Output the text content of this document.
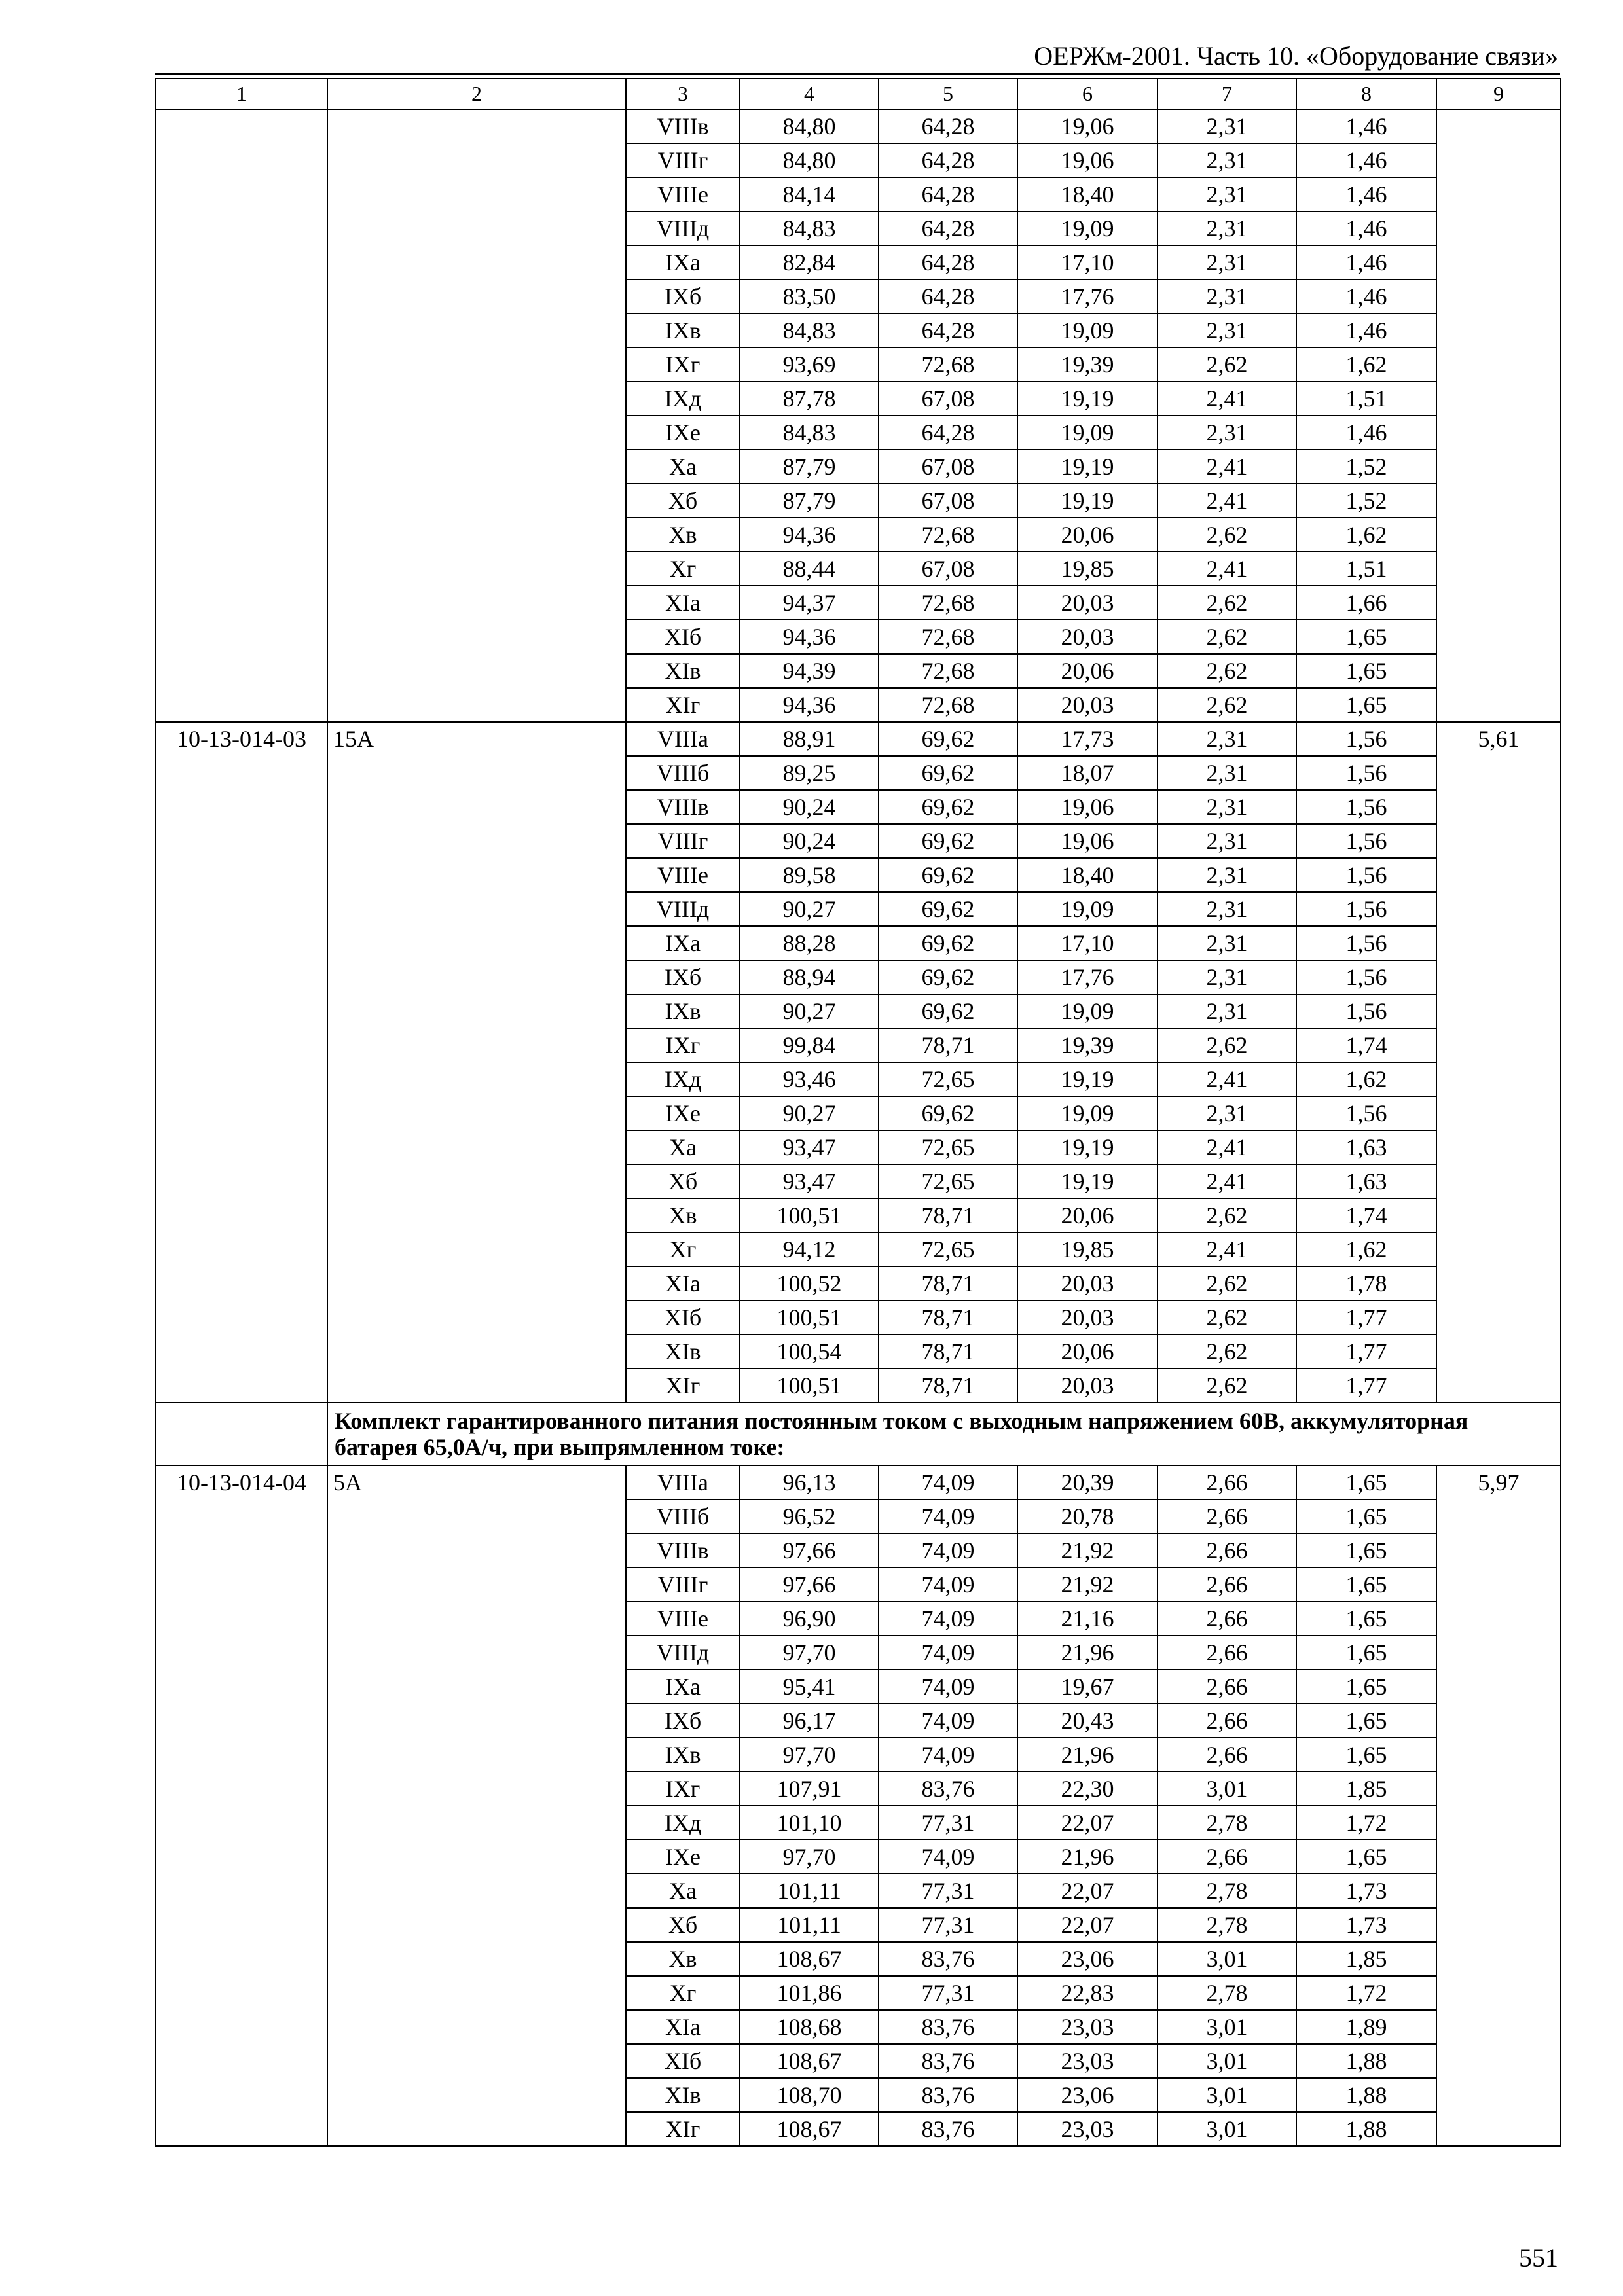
ОЕРЖм-2001. Часть 10. «Оборудование связи»
1	2	3	4	5	6	7	8	9
		VIIIв	84,80	64,28	19,06	2,31	1,46	
		VIIIг	84,80	64,28	19,06	2,31	1,46	
		VIIIе	84,14	64,28	18,40	2,31	1,46	
		VIIIд	84,83	64,28	19,09	2,31	1,46	
		IXа	82,84	64,28	17,10	2,31	1,46	
		IXб	83,50	64,28	17,76	2,31	1,46	
		IXв	84,83	64,28	19,09	2,31	1,46	
		IXг	93,69	72,68	19,39	2,62	1,62	
		IXд	87,78	67,08	19,19	2,41	1,51	
		IXе	84,83	64,28	19,09	2,31	1,46	
		Xа	87,79	67,08	19,19	2,41	1,52	
		Xб	87,79	67,08	19,19	2,41	1,52	
		Xв	94,36	72,68	20,06	2,62	1,62	
		Xг	88,44	67,08	19,85	2,41	1,51	
		XIа	94,37	72,68	20,03	2,62	1,66	
		XIб	94,36	72,68	20,03	2,62	1,65	
		XIв	94,39	72,68	20,06	2,62	1,65	
		XIг	94,36	72,68	20,03	2,62	1,65	
10-13-014-03	15А	VIIIа	88,91	69,62	17,73	2,31	1,56	5,61
		VIIIб	89,25	69,62	18,07	2,31	1,56	
		VIIIв	90,24	69,62	19,06	2,31	1,56	
		VIIIг	90,24	69,62	19,06	2,31	1,56	
		VIIIе	89,58	69,62	18,40	2,31	1,56	
		VIIIд	90,27	69,62	19,09	2,31	1,56	
		IXа	88,28	69,62	17,10	2,31	1,56	
		IXб	88,94	69,62	17,76	2,31	1,56	
		IXв	90,27	69,62	19,09	2,31	1,56	
		IXг	99,84	78,71	19,39	2,62	1,74	
		IXд	93,46	72,65	19,19	2,41	1,62	
		IXе	90,27	69,62	19,09	2,31	1,56	
		Xа	93,47	72,65	19,19	2,41	1,63	
		Xб	93,47	72,65	19,19	2,41	1,63	
		Xв	100,51	78,71	20,06	2,62	1,74	
		Xг	94,12	72,65	19,85	2,41	1,62	
		XIа	100,52	78,71	20,03	2,62	1,78	
		XIб	100,51	78,71	20,03	2,62	1,77	
		XIв	100,54	78,71	20,06	2,62	1,77	
		XIг	100,51	78,71	20,03	2,62	1,77	
	Комплект гарантированного питания постоянным током с выходным напряжением 60В, аккумуляторная батарея 65,0А/ч, при выпрямленном токе:							
10-13-014-04	5А	VIIIа	96,13	74,09	20,39	2,66	1,65	5,97
		VIIIб	96,52	74,09	20,78	2,66	1,65	
		VIIIв	97,66	74,09	21,92	2,66	1,65	
		VIIIг	97,66	74,09	21,92	2,66	1,65	
		VIIIе	96,90	74,09	21,16	2,66	1,65	
		VIIIд	97,70	74,09	21,96	2,66	1,65	
		IXа	95,41	74,09	19,67	2,66	1,65	
		IXб	96,17	74,09	20,43	2,66	1,65	
		IXв	97,70	74,09	21,96	2,66	1,65	
		IXг	107,91	83,76	22,30	3,01	1,85	
		IXд	101,10	77,31	22,07	2,78	1,72	
		IXе	97,70	74,09	21,96	2,66	1,65	
		Xа	101,11	77,31	22,07	2,78	1,73	
		Xб	101,11	77,31	22,07	2,78	1,73	
		Xв	108,67	83,76	23,06	3,01	1,85	
		Xг	101,86	77,31	22,83	2,78	1,72	
		XIа	108,68	83,76	23,03	3,01	1,89	
		XIб	108,67	83,76	23,03	3,01	1,88	
		XIв	108,70	83,76	23,06	3,01	1,88	
		XIг	108,67	83,76	23,03	3,01	1,88	
551
